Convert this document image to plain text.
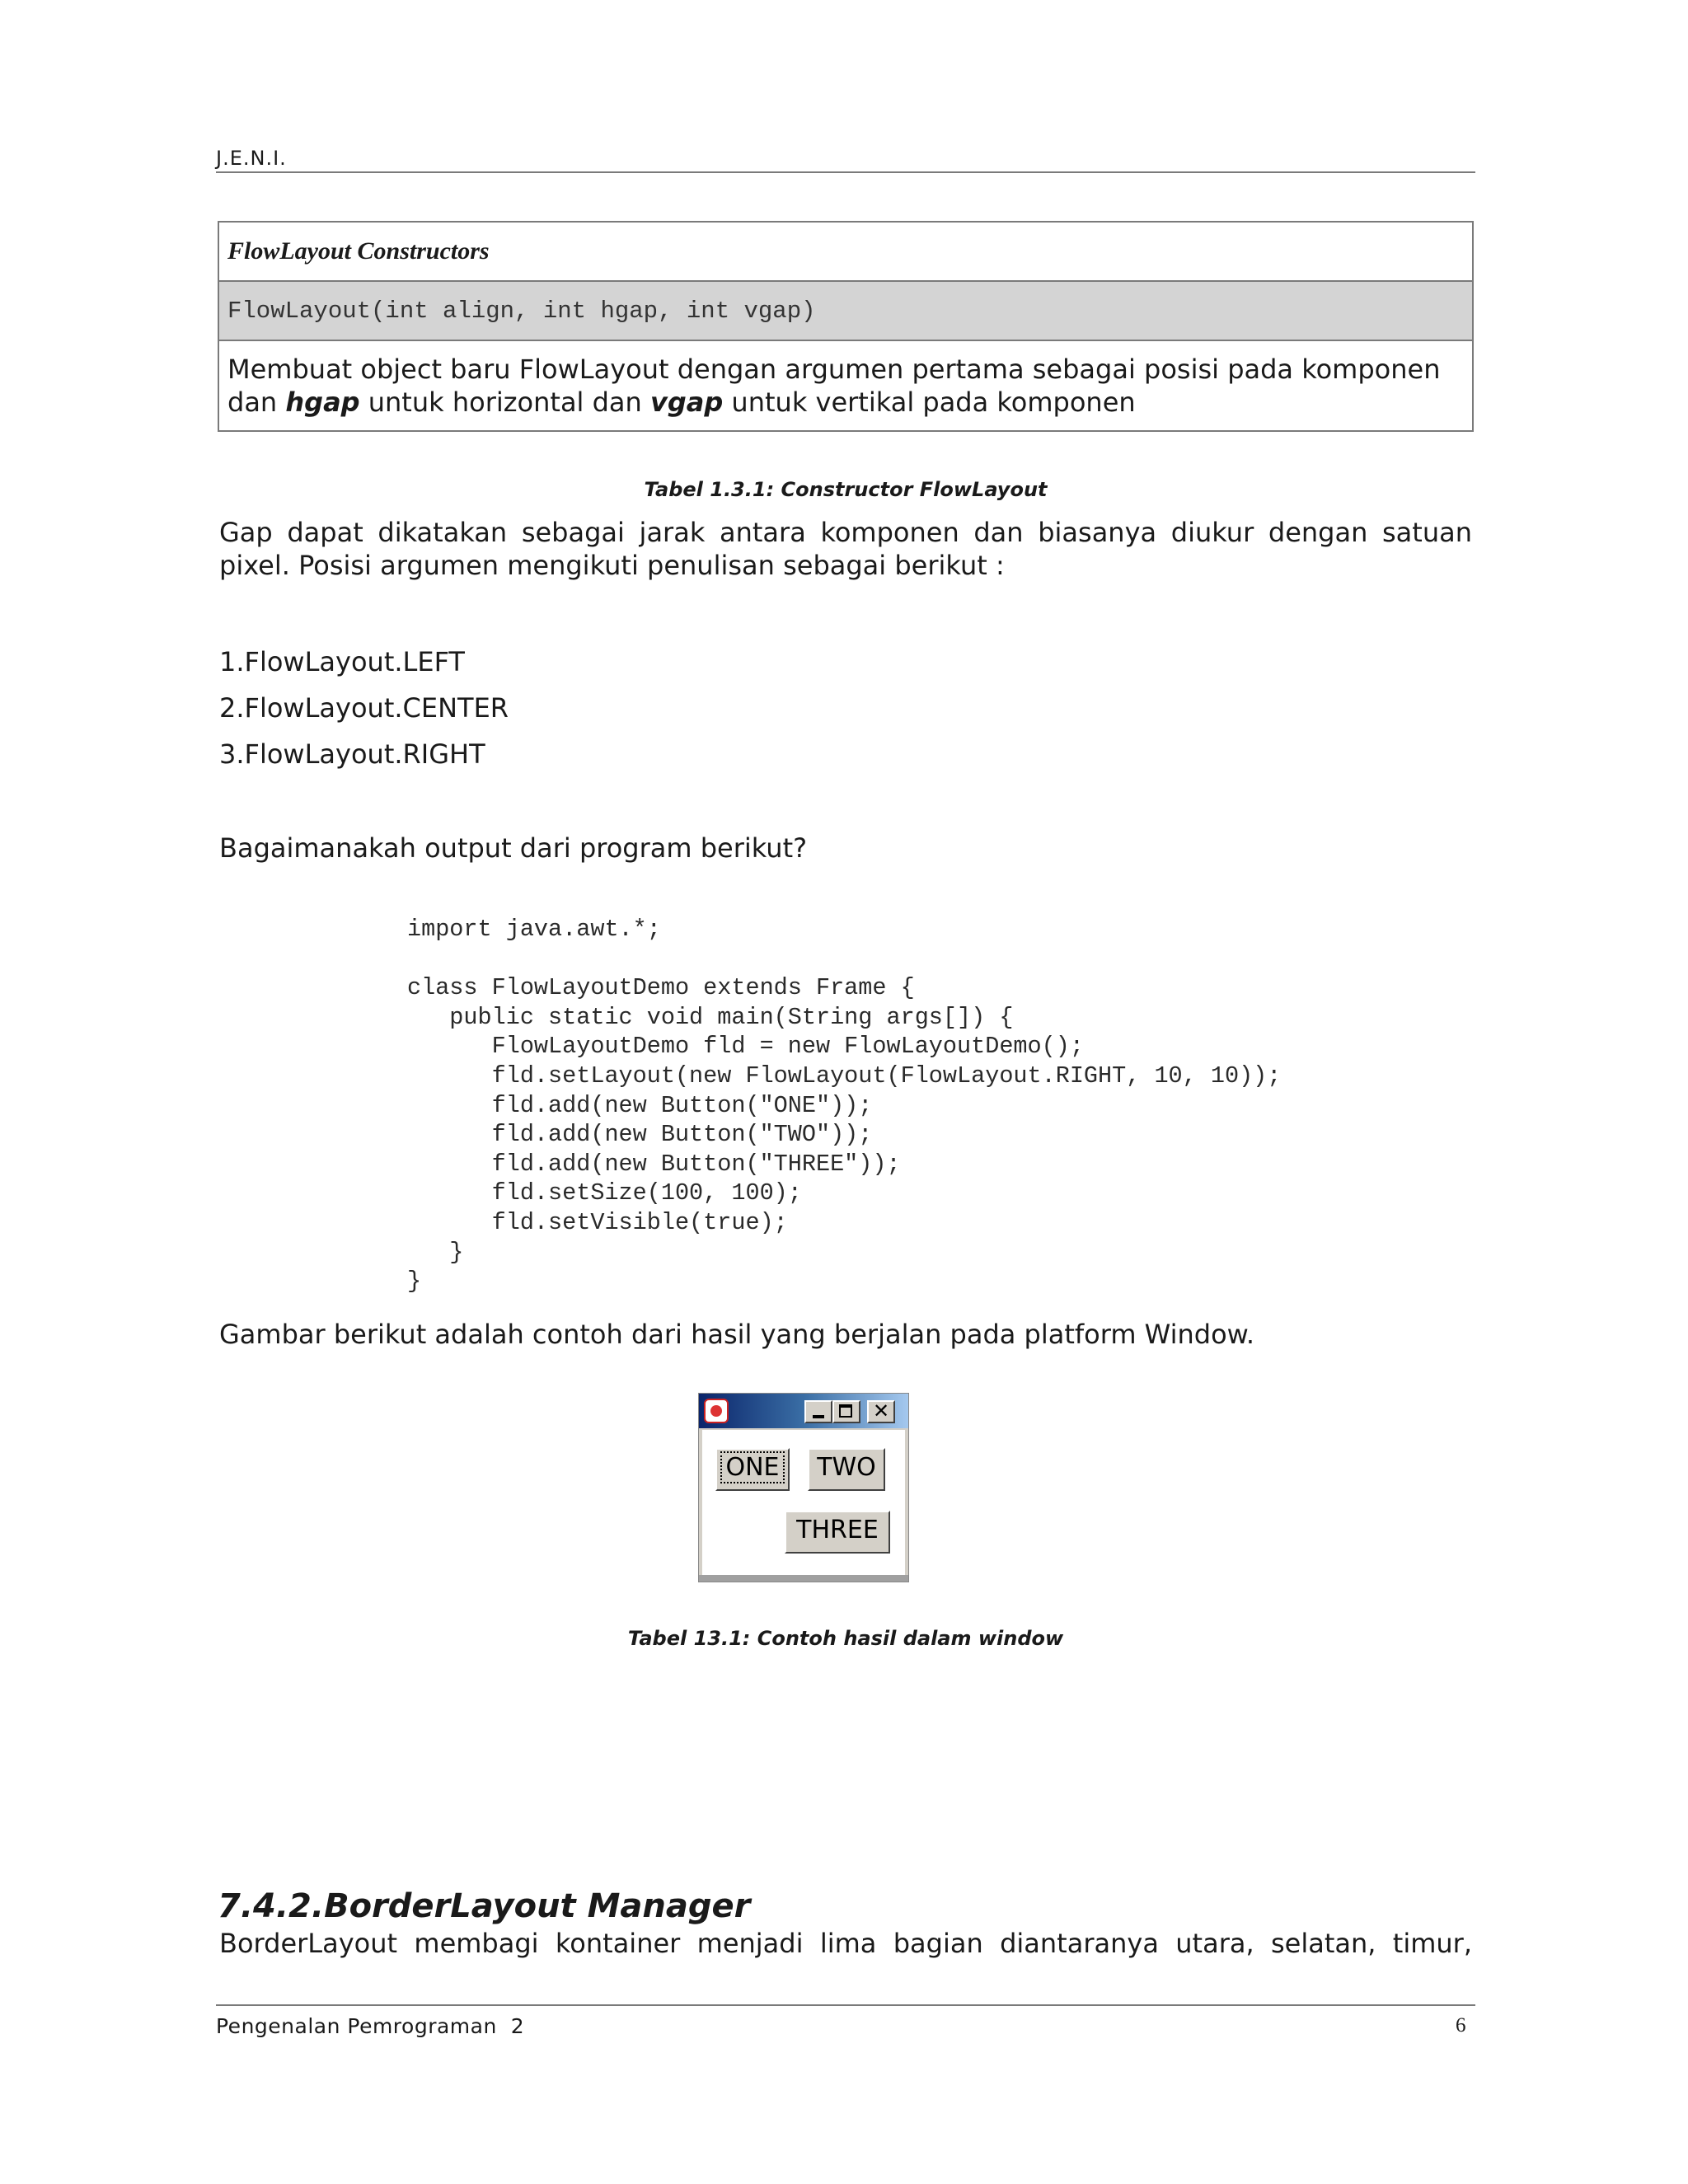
J.E.N.I.
FlowLayout Constructors
FlowLayout(int align, int hgap, int vgap)
Membuat object baru FlowLayout dengan argumen pertama sebagai posisi pada komponen dan hgap untuk horizontal dan vgap untuk vertikal pada komponen
Tabel 1.3.1: Constructor FlowLayout
Gap dapat dikatakan sebagai jarak antara komponen dan biasanya diukur dengan satuan pixel. Posisi argumen mengikuti penulisan sebagai berikut :
1.FlowLayout.LEFT
2.FlowLayout.CENTER
3.FlowLayout.RIGHT
Bagaimanakah output dari program berikut?
import java.awt.*;

class FlowLayoutDemo extends Frame {
public static void main(String args[]) {
FlowLayoutDemo fld = new FlowLayoutDemo();
fld.setLayout(new FlowLayout(FlowLayout.RIGHT, 10, 10));
fld.add(new Button("ONE"));
fld.add(new Button("TWO"));
fld.add(new Button("THREE"));
fld.setSize(100, 100);
fld.setVisible(true);
}
}
Gambar berikut adalah contoh dari hasil yang berjalan pada platform Window.
✕
ONE	TWO
THREE
Tabel 13.1: Contoh hasil dalam window
7.4.2.BorderLayout Manager
BorderLayout membagi kontainer menjadi lima bagian diantaranya utara, selatan, timur,
Pengenalan Pemrograman  2	6
